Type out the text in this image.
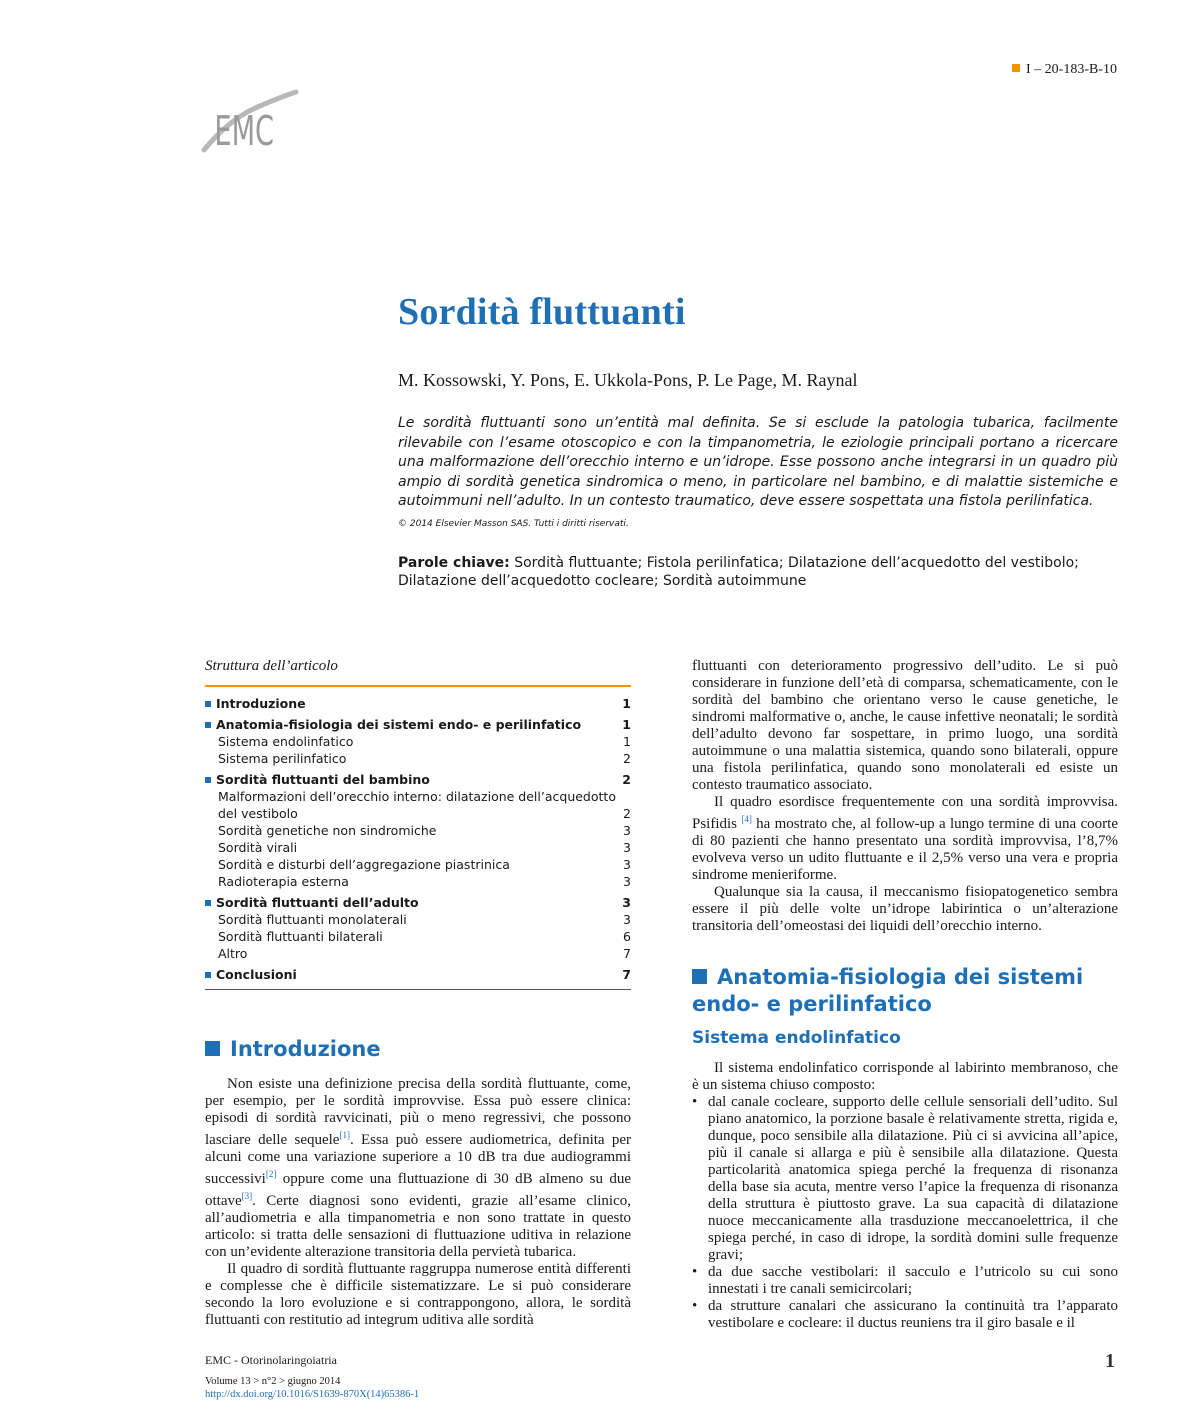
EMC
I – 20-183-B-10
Sordità fluttuanti
M. Kossowski, Y. Pons, E. Ukkola-Pons, P. Le Page, M. Raynal
Le sordità fluttuanti sono un’entità mal definita. Se si esclude la patologia tubarica, facilmente rilevabile con l’esame otoscopico e con la timpanometria, le eziologie principali portano a ricercare una malformazione dell’orecchio interno e un’idrope. Esse possono anche integrarsi in un quadro più ampio di sordità genetica sindromica o meno, in particolare nel bambino, e di malattie sistemiche e autoimmuni nell’adulto. In un contesto traumatico, deve essere sospettata una fistola perilinfatica.
© 2014 Elsevier Masson SAS. Tutti i diritti riservati.
Parole chiave: Sordità fluttuante; Fistola perilinfatica; Dilatazione dell’acquedotto del vestibolo; Dilatazione dell’acquedotto cocleare; Sordità autoimmune
Struttura dell’articolo
Introduzione	1
Anatomia-fisiologia dei sistemi endo- e perilinfatico	1
Sistema endolinfatico	1
Sistema perilinfatico	2
Sordità fluttuanti del bambino	2
Malformazioni dell’orecchio interno: dilatazione dell’acquedotto
del vestibolo	2
Sordità genetiche non sindromiche	3
Sordità virali	3
Sordità e disturbi dell’aggregazione piastrinica	3
Radioterapia esterna	3
Sordità fluttuanti dell’adulto	3
Sordità fluttuanti monolaterali	3
Sordità fluttuanti bilaterali	6
Altro	7
Conclusioni	7
Introduzione

Non esiste una definizione precisa della sordità fluttuante, come, per esempio, per le sordità improvvise. Essa può essere clinica: episodi di sordità ravvicinati, più o meno regressivi, che possono lasciare delle sequele[1]. Essa può essere audiometrica, definita per alcuni come una variazione superiore a 10 dB tra due audiogrammi successivi[2] oppure come una fluttuazione di 30 dB almeno su due ottave[3]. Certe diagnosi sono evidenti, grazie all’esame clinico, all’audiometria e alla timpanometria e non sono trattate in questo articolo: si tratta delle sensazioni di fluttuazione uditiva in relazione con un’evidente alterazione transitoria della pervietà tubarica.

Il quadro di sordità fluttuante raggruppa numerose entità differenti e complesse che è difficile sistematizzare. Le si può considerare secondo la loro evoluzione e si contrappongono, allora, le sordità fluttuanti con restitutio ad integrum uditiva alle sordità

fluttuanti con deterioramento progressivo dell’udito. Le si può considerare in funzione dell’età di comparsa, schematicamente, con le sordità del bambino che orientano verso le cause genetiche, le sindromi malformative o, anche, le cause infettive neonatali; le sordità dell’adulto devono far sospettare, in primo luogo, una sordità autoimmune o una malattia sistemica, quando sono bilaterali, oppure una fistola perilinfatica, quando sono monolaterali ed esiste un contesto traumatico associato.

Il quadro esordisce frequentemente con una sordità improvvisa. Psifidis [4] ha mostrato che, al follow-up a lungo termine di una coorte di 80 pazienti che hanno presentato una sordità improvvisa, l’8,7% evolveva verso un udito fluttuante e il 2,5% verso una vera e propria sindrome menieriforme.

Qualunque sia la causa, il meccanismo fisiopatogenetico sembra essere il più delle volte un’idrope labirintica o un’alterazione transitoria dell’omeostasi dei liquidi dell’orecchio interno.

Anatomia-fisiologia dei sistemi endo- e perilinfatico
Sistema endolinfatico

Il sistema endolinfatico corrisponde al labirinto membranoso, che è un sistema chiuso composto:

• dal canale cocleare, supporto delle cellule sensoriali dell’udito. Sul piano anatomico, la porzione basale è relativamente stretta, rigida e, dunque, poco sensibile alla dilatazione. Più ci si avvicina all’apice, più il canale si allarga e più è sensibile alla dilatazione. Questa particolarità anatomica spiega perché la frequenza di risonanza della base sia acuta, mentre verso l’apice la frequenza di risonanza della struttura è piuttosto grave. La sua capacità di dilatazione nuoce meccanicamente alla trasduzione meccanoelettrica, il che spiega perché, in caso di idrope, la sordità domini sulle frequenze gravi;
• da due sacche vestibolari: il sacculo e l’utricolo su cui sono innestati i tre canali semicircolari;
• da strutture canalari che assicurano la continuità tra l’apparato vestibolare e cocleare: il ductus reuniens tra il giro basale e il
EMC - Otorinolaringoiatria
Volume 13 > n°2 > giugno 2014
http://dx.doi.org/10.1016/S1639-870X(14)65386-1
1
